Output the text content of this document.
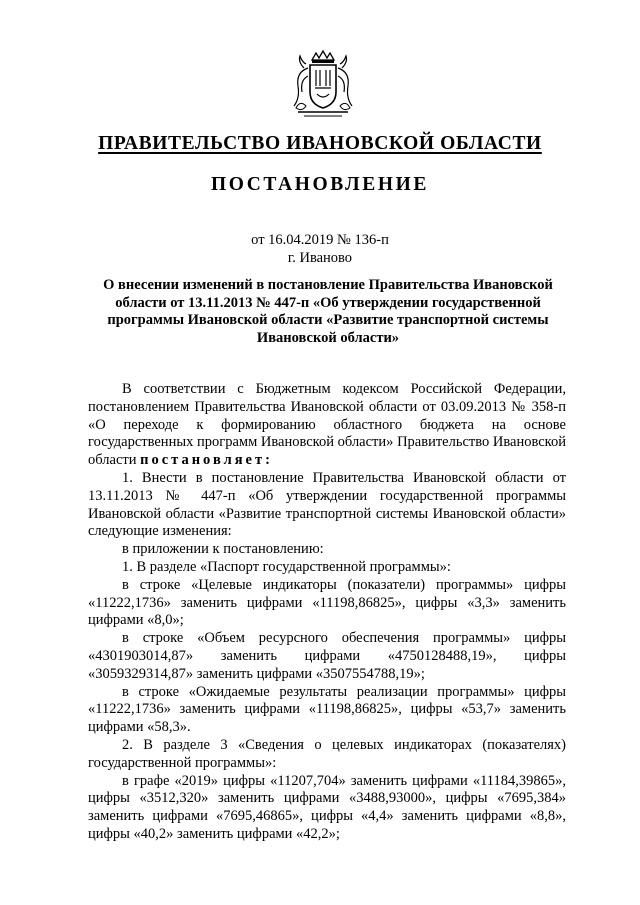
ПРАВИТЕЛЬСТВО ИВАНОВСКОЙ ОБЛАСТИ
ПОСТАНОВЛЕНИЕ
от 16.04.2019 № 136-п
г. Иваново
О внесении изменений в постановление Правительства Ивановской области от 13.11.2013 № 447-п «Об утверждении государственной программы Ивановской области «Развитие транспортной системы Ивановской области»

В соответствии с Бюджетным кодексом Российской Федерации, постановлением Правительства Ивановской области от 03.09.2013 № 358-п «О переходе к формированию областного бюджета на основе государственных программ Ивановской области» Правительство Ивановской области постановляет:

1. Внести в постановление Правительства Ивановской области от 13.11.2013 № 447-п «Об утверждении государственной программы Ивановской области «Развитие транспортной системы Ивановской области» следующие изменения:

в приложении к постановлению:

1. В разделе «Паспорт государственной программы»:

в строке «Целевые индикаторы (показатели) программы» цифры «11222,1736» заменить цифрами «11198,86825», цифры «3,3» заменить цифрами «8,0»;

в строке «Объем ресурсного обеспечения программы» цифры «4301903014,87» заменить цифрами «4750128488,19», цифры «3059329314,87» заменить цифрами «3507554788,19»;

в строке «Ожидаемые результаты реализации программы» цифры «11222,1736» заменить цифрами «11198,86825», цифры «53,7» заменить цифрами «58,3».

2. В разделе 3 «Сведения о целевых индикаторах (показателях) государственной программы»:

в графе «2019» цифры «11207,704» заменить цифрами «11184,39865», цифры «3512,320» заменить цифрами «3488,93000», цифры «7695,384» заменить цифрами «7695,46865», цифры «4,4» заменить цифрами «8,8», цифры «40,2» заменить цифрами «42,2»;
